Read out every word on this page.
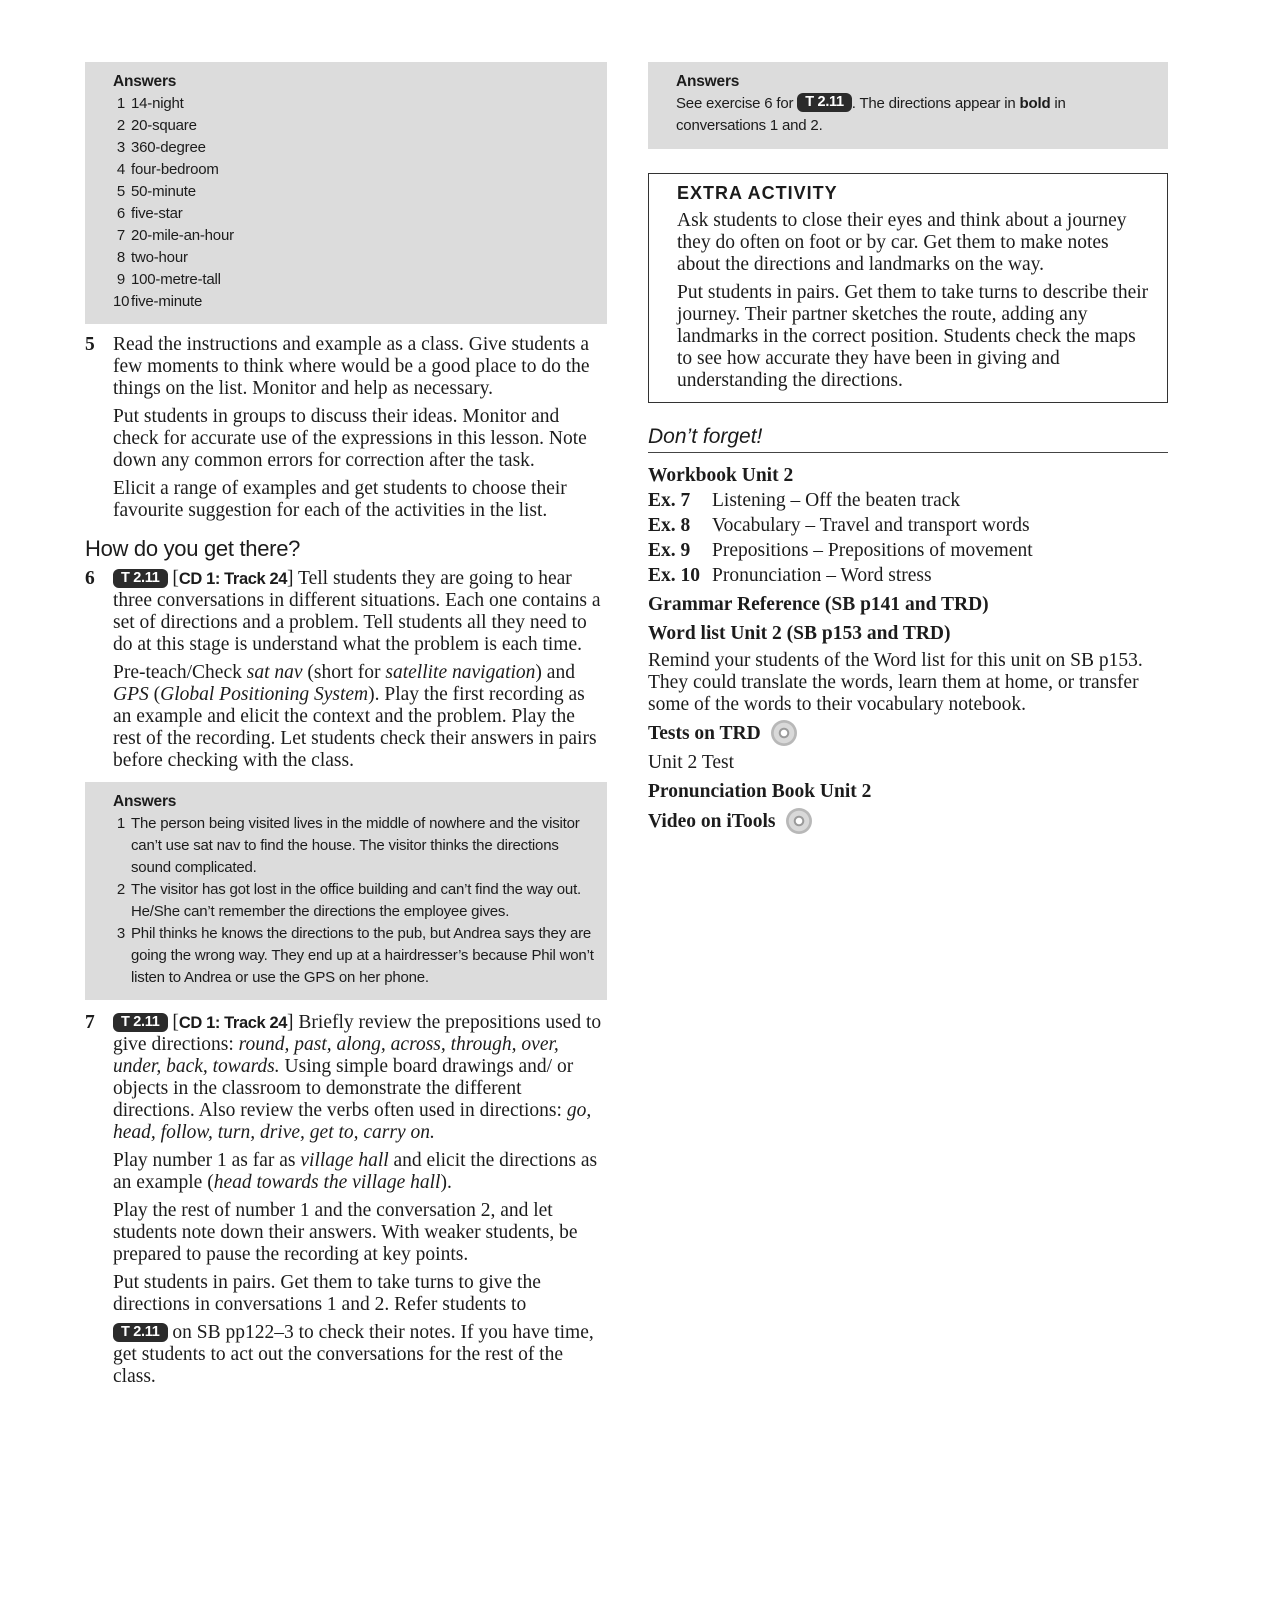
Answers
1 14-night
2 20-square
3 360-degree
4 four-bedroom
5 50-minute
6 five-star
7 20-mile-an-hour
8 two-hour
9 100-metre-tall
10 five-minute
5 Read the instructions and example as a class. Give students a few moments to think where would be a good place to do the things on the list. Monitor and help as necessary.

Put students in groups to discuss their ideas. Monitor and check for accurate use of the expressions in this lesson. Note down any common errors for correction after the task.

Elicit a range of examples and get students to choose their favourite suggestion for each of the activities in the list.

How do you get there?
6	T 2.11 [CD 1: Track 24] Tell students they are going to hear three conversations in different situations. Each one contains a set of directions and a problem. Tell students all they need to do at this stage is understand what the problem is each time.

Pre-teach/Check sat nav (short for satellite navigation) and GPS (Global Positioning System). Play the first recording as an example and elicit the context and the problem. Play the rest of the recording. Let students check their answers in pairs before checking with the class.

Answers
1 The person being visited lives in the middle of nowhere and the visitor can’t use sat nav to find the house. The visitor thinks the directions sound complicated.
2 The visitor has got lost in the office building and can’t find the way out. He/She can’t remember the directions the employee gives.
3 Phil thinks he knows the directions to the pub, but Andrea says they are going the wrong way. They end up at a hairdresser’s because Phil won’t listen to Andrea or use the GPS on her phone.
7	T 2.11 [CD 1: Track 24] Briefly review the prepositions used to give directions: round, past, along, across, through, over, under, back, towards. Using simple board drawings and/ or objects in the classroom to demonstrate the different directions. Also review the verbs often used in directions: go, head, follow, turn, drive, get to, carry on.

Play number 1 as far as village hall and elicit the directions as an example (head towards the village hall).

Play the rest of number 1 and the conversation 2, and let students note down their answers. With weaker students, be prepared to pause the recording at key points.

Put students in pairs. Get them to take turns to give the directions in conversations 1 and 2. Refer students to

T 2.11 on SB pp122–3 to check their notes. If you have time, get students to act out the conversations for the rest of the class.

Answers
See exercise 6 for T 2.11 . The directions appear in bold in conversations 1 and 2.
EXTRA ACTIVITY

Ask students to close their eyes and think about a journey they do often on foot or by car. Get them to make notes about the directions and landmarks on the way.

Put students in pairs. Get them to take turns to describe their journey. Their partner sketches the route, adding any landmarks in the correct position. Students check the maps to see how accurate they have been in giving and understanding the directions.

Don’t forget!
Workbook Unit 2
Ex. 7	Listening – Off the beaten track
Ex. 8	Vocabulary – Travel and transport words
Ex. 9	Prepositions – Prepositions of movement
Ex. 10 Pronunciation – Word stress
Grammar Reference (SB p141 and TRD)
Word list Unit 2 (SB p153 and TRD)
Remind your students of the Word list for this unit on SB p153. They could translate the words, learn them at home, or transfer some of the words to their vocabulary notebook.
Tests on TRD
Unit 2 Test
Pronunciation Book Unit 2
Video on iTools
